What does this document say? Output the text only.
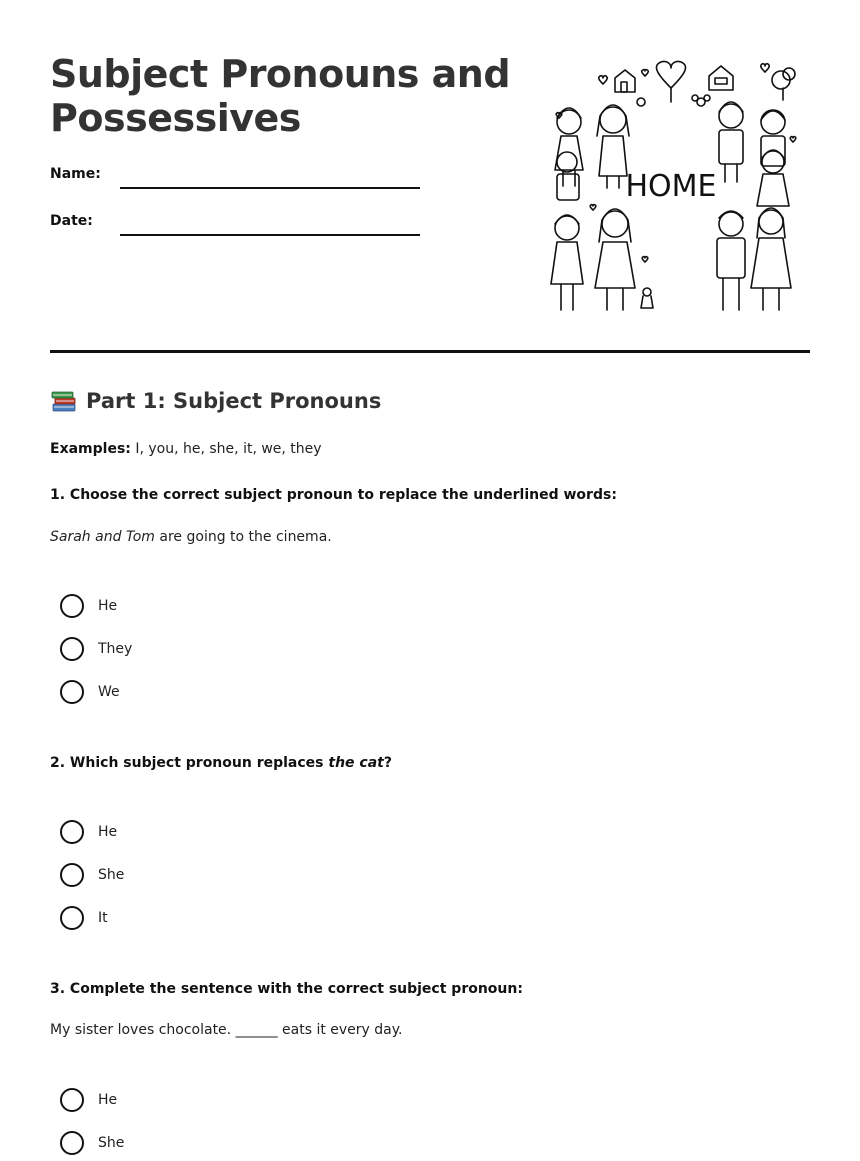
Subject Pronouns and
Possessives
Name:
Date:
HOME
Part 1: Subject Pronouns
Examples: I, you, he, she, it, we, they
1. Choose the correct subject pronoun to replace the underlined words:
Sarah and Tom are going to the cinema.
He
They
We
2. Which subject pronoun replaces the cat?
He
She
It
3. Complete the sentence with the correct subject pronoun:
My sister loves chocolate. ______ eats it every day.
He
She
